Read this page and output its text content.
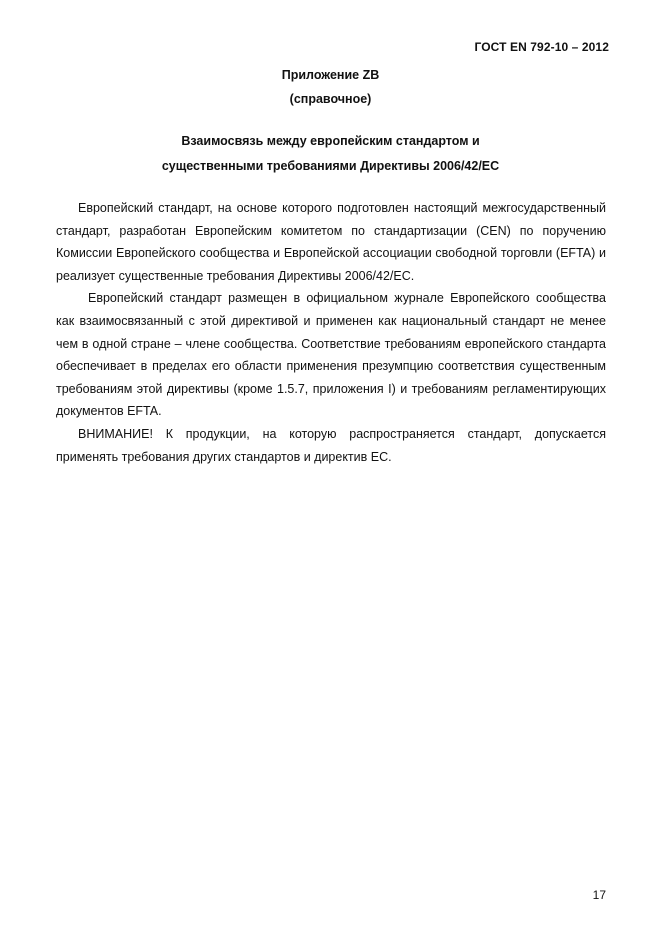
ГОСТ EN 792-10 – 2012
Приложение ZB
(справочное)
Взаимосвязь между европейским стандартом и
существенными требованиями Директивы 2006/42/ЕС

Европейский стандарт, на основе которого подготовлен настоящий межгосударственный стандарт, разработан Европейским комитетом по стандартизации (CEN) по поручению Комиссии Европейского сообщества и Европейской ассоциации свободной торговли (EFTA) и реализует существенные требования Директивы 2006/42/ЕС.

Европейский стандарт размещен в официальном журнале Европейского сообщества как взаимосвязанный с этой директивой и применен как национальный стандарт не менее чем в одной стране – члене сообщества. Соответствие требованиям европейского стандарта обеспечивает в пределах его области применения презумпцию соответствия существенным требованиям этой директивы (кроме 1.5.7, приложения I) и требованиям регламентирующих документов EFTA.

ВНИМАНИЕ! К продукции, на которую распространяется стандарт, допускается применять требования других стандартов и директив ЕС.

17
